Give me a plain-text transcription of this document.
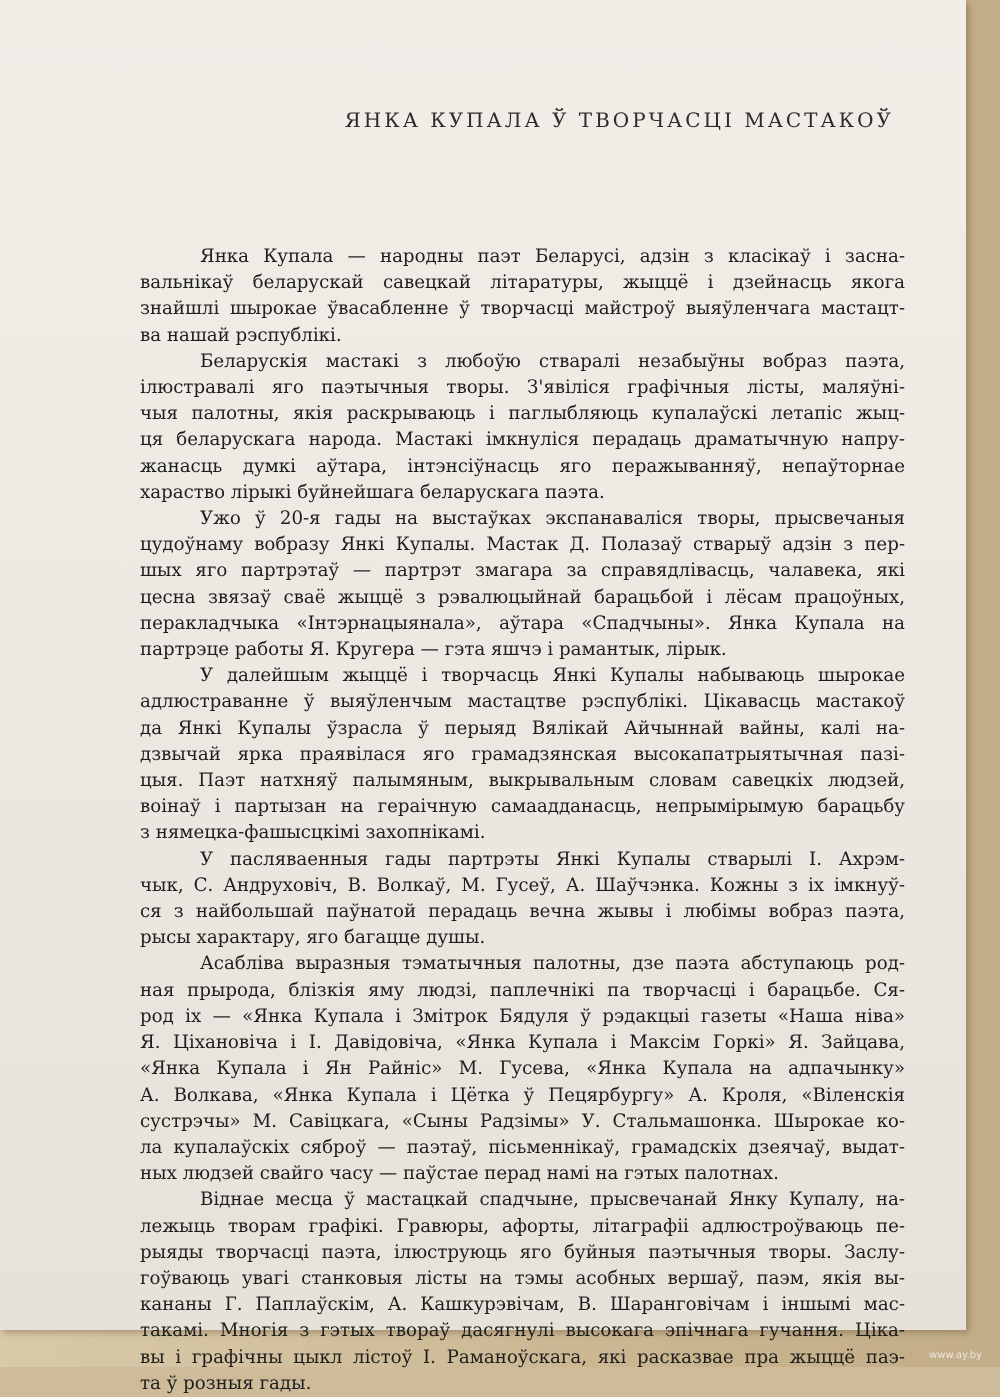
ЯНКА КУПАЛА Ў ТВОРЧАСЦІ МАСТАКОЎ
Янка Купала — народны паэт Беларусі, адзін з класікаў і засна-
вальнікаў беларускай савецкай літаратуры, жыццё і дзейнасць якога
знайшлі шырокае ўвасабленне ў творчасці майстроў выяўленчага мастацт-
ва нашай рэспублікі.
Беларускія мастакі з любоўю стваралі незабыўны вобраз паэта,
ілюстравалі яго паэтычныя творы. З'явіліся графічныя лісты, маляўні-
чыя палотны, якія раскрываюць і паглыбляюць купалаўскі летапіс жыц-
ця беларускага народа. Мастакі імкнуліся перадаць драматычную напру-
жанасць думкі аўтара, інтэнсіўнасць яго перажыванняў, непаўторнае
хараство лірыкі буйнейшага беларускага паэта.
Ужо ў 20-я гады на выстаўках экспанаваліся творы, прысвечаныя
цудоўнаму вобразу Янкі Купалы. Мастак Д. Полазаў стварыў адзін з пер-
шых яго партрэтаў — партрэт змагара за справядлівасць, чалавека, які
цесна звязаў сваё жыццё з рэвалюцыйнай барацьбой і лёсам працоўных,
перакладчыка «Інтэрнацыянала», аўтара «Спадчыны». Янка Купала на
партрэце работы Я. Кругера — гэта яшчэ і рамантык, лірык.
У далейшым жыццё і творчасць Янкі Купалы набываюць шырокае
адлюстраванне ў выяўленчым мастацтве рэспублікі. Цікавасць мастакоў
да Янкі Купалы ўзрасла ў перыяд Вялікай Айчыннай вайны, калі на-
дзвычай ярка праявілася яго грамадзянская высокапатрыятычная пазі-
цыя. Паэт натхняў палымяным, выкрывальным словам савецкіх людзей,
воінаў і партызан на гераічную самаадданасць, непрымірымую барацьбу
з нямецка-фашысцкімі захопнікамі.
У пасляваенныя гады партрэты Янкі Купалы стварылі І. Ахрэм-
чык, С. Андруховіч, В. Волкаў, М. Гусеў, А. Шаўчэнка. Кожны з іх імкнуў-
ся з найбольшай паўнатой перадаць вечна жывы і любімы вобраз паэта,
рысы характару, яго багацце душы.
Асабліва выразныя тэматычныя палотны, дзе паэта абступаюць род-
ная прырода, блізкія яму людзі, паплечнікі па творчасці і барацьбе. Ся-
род іх — «Янка Купала і Змітрок Бядуля ў рэдакцыі газеты «Наша ніва»
Я. Ціханoвіча і І. Давідовіча, «Янка Купала і Максім Горкі» Я. Зайцава,
«Янка Купала і Ян Райніс» М. Гусева, «Янка Купала на адпачынку»
А. Волкава, «Янка Купала і Цётка ў Пецярбургу» А. Кроля, «Віленскія
сустрэчы» М. Савіцкага, «Сыны Радзімы» У. Стальмашонка. Шырокае ко-
ла купалаўскіх сяброў — паэтаў, пісьменнікаў, грамадскіх дзеячаў, выдат-
ных людзей свайго часу — паўстае перад намі на гэтых палотнах.
Віднае месца ў мастацкай спадчыне, прысвечанай Янку Купалу, на-
лежыць творам графікі. Гравюры, афорты, літаграфіі адлюстроўваюць пе-
рыяды творчасці паэта, ілюструюць яго буйныя паэтычныя творы. Заслу-
гоўваюць увагі станковыя лісты на тэмы асобных вершаў, паэм, якія вы-
кананы Г. Паплаўскім, А. Кашкурэвічам, В. Шаранговічам і іншымі мас-
такамі. Многія з гэтых твораў дасягнулі высокага эпічнага гучання. Ціка-
вы і графічны цыкл лістоў І. Раманоўскага, які расказвае пра жыццё паэ-
та ў розныя гады.	www.ay.by
